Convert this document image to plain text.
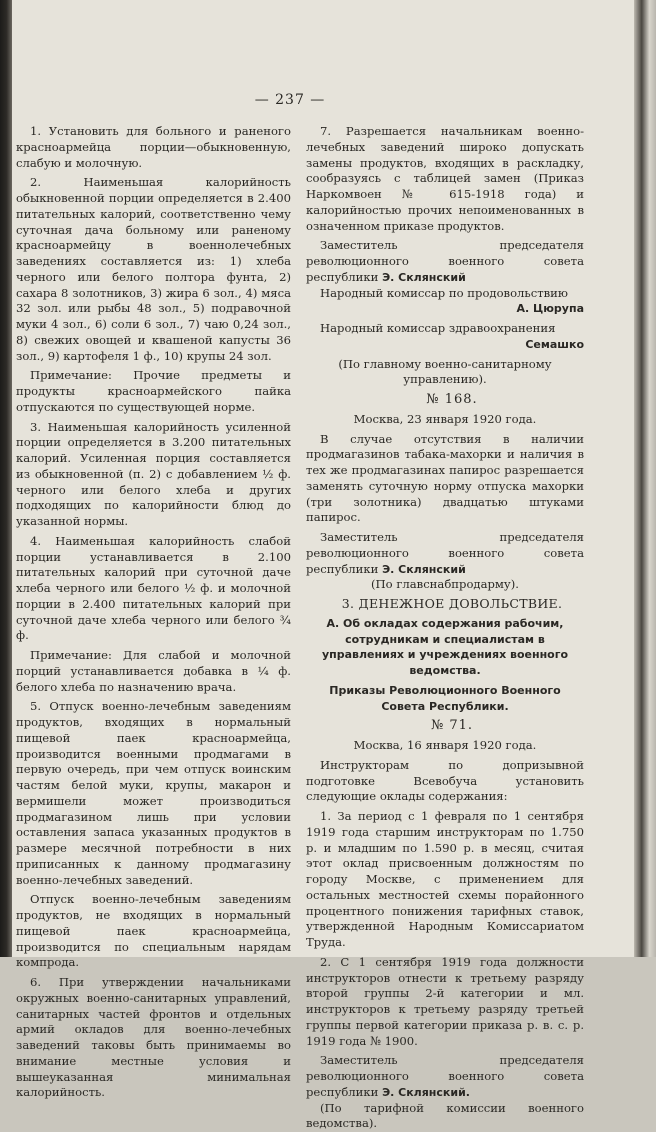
— 237 —

1. Установить для больного и раненого красноармейца порции—обыкновенную, слабую и молочную.

2. Наименьшая калорийность обыкновенной порции определяется в 2.400 питательных калорий, соответственно чему суточная дача больному или раненому красноармейцу в военнолечебных заведениях составляется из: 1) хлеба черного или белого полтора фунта, 2) сахара 8 золотников, 3) жира 6 зол., 4) мяса 32 зол. или рыбы 48 зол., 5) подравочной муки 4 зол., 6) соли 6 зол., 7) чаю 0,24 зол., 8) свежих овощей и квашеной капусты 36 зол., 9) картофеля 1 ф., 10) крупы 24 зол.

Примечание: Прочие предметы и продукты красноармейского пайка отпускаются по существующей норме.

3. Наименьшая калорийность усиленной порции определяется в 3.200 питательных калорий. Усиленная порция составляется из обыкновенной (п. 2) с добавлением ½ ф. черного или белого хлеба и других подходящих по калорийности блюд до указанной нормы.

4. Наименьшая калорийность слабой порции устанавливается в 2.100 питательных калорий при суточной даче хлеба черного или белого ½ ф. и молочной порции в 2.400 питательных калорий при суточной даче хлеба черного или белого ¾ ф.

Примечание: Для слабой и молочной порций устанавливается добавка в ¼ ф. белого хлеба по назначению врача.

5. Отпуск военно-лечебным заведениям продуктов, входящих в нормальный пищевой паек красноармейца, производится военными продмагами в первую очередь, при чем отпуск воинским частям белой муки, крупы, макарон и вермишели может производиться продмагазином лишь при условии оставления запаса указанных продуктов в размере месячной потребности в них приписанных к данному продмагазину военно-лечебных заведений.

Отпуск военно-лечебным заведениям продуктов, не входящих в нормальный пищевой паек красноармейца, производится по специальным нарядам компрода.

6. При утверждении начальниками окружных военно-санитарных управлений, санитарных частей фронтов и отдельных армий окладов для военно-лечебных заведений таковы быть принимаемы во внимание местные условия и вышеуказанная минимальная калорийность.

7. Разрешается начальникам военно-лечебных заведений широко допускать замены продуктов, входящих в раскладку, сообразуясь с таблицей замен (Приказ Наркомвоен № 615-1918 года) и калорийностью прочих непоименованных в означенном приказе продуктов.

Заместитель председателя революционного военного совета республики Э. Склянский

Народный комиссар по продовольствию

А. Цюрупа

Народный комиссар здравоохранения

Семашко

(По главному военно-санитарному управлению).

№ 168.

Москва, 23 января 1920 года.

В случае отсутствия в наличии продмагазинов табака-махорки и наличия в тех же продмагазинах папирос разрешается заменять суточную норму отпуска махорки (три золотника) двадцатью штуками папирос.

Заместитель председателя революционного военного совета республики Э. Склянский

(По главснабпродарму).

3. ДЕНЕЖНОЕ ДОВОЛЬСТВИЕ.

А. Об окладах содержания рабочим, сотрудникам и специалистам в управлениях и учреждениях военного ведомства.

Приказы Революционного Военного Совета Республики.

№ 71.

Москва, 16 января 1920 года.

Инструкторам по допризывной подготовке Всевобуча установить следующие оклады содержания:

1. За период с 1 февраля по 1 сентября 1919 года старшим инструкторам по 1.750 р. и младшим по 1.590 р. в месяц, считая этот оклад присвоенным должностям по городу Москве, с применением для остальных местностей схемы порайонного процентного понижения тарифных ставок, утвержденной Народным Комиссариатом Труда.

2. С 1 сентября 1919 года должности инструкторов отнести к третьему разряду второй группы 2-й категории и мл. инструкторов к третьему разряду третьей группы первой категории приказа р. в. с. р. 1919 года № 1900.

Заместитель председателя революционного военного совета республики Э. Склянский.

(По тарифной комиссии военного ведомства).
